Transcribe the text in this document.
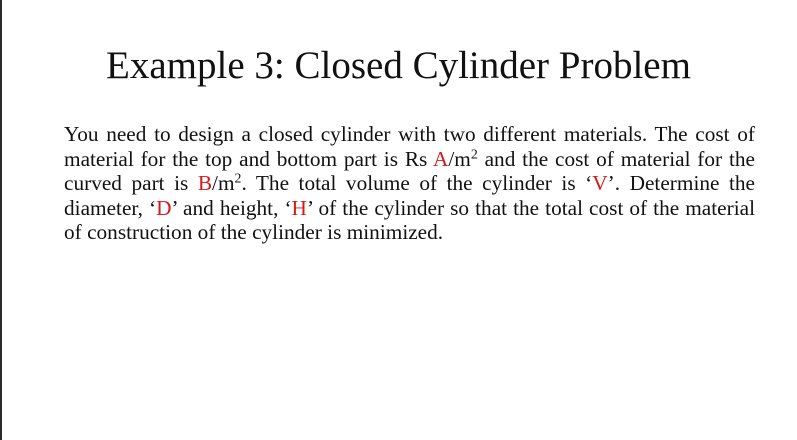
Example 3: Closed Cylinder Problem

You need to design a closed cylinder with two different materials. The cost of material for the top and bottom part is Rs $A/m^2$ and the cost of material for the curved part is $B/m^2$. The total volume of the cylinder is ‘V’. Determine the diameter, ‘D’ and height, ‘H’ of the cylinder so that the total cost of the material of construction of the cylinder is minimized.
